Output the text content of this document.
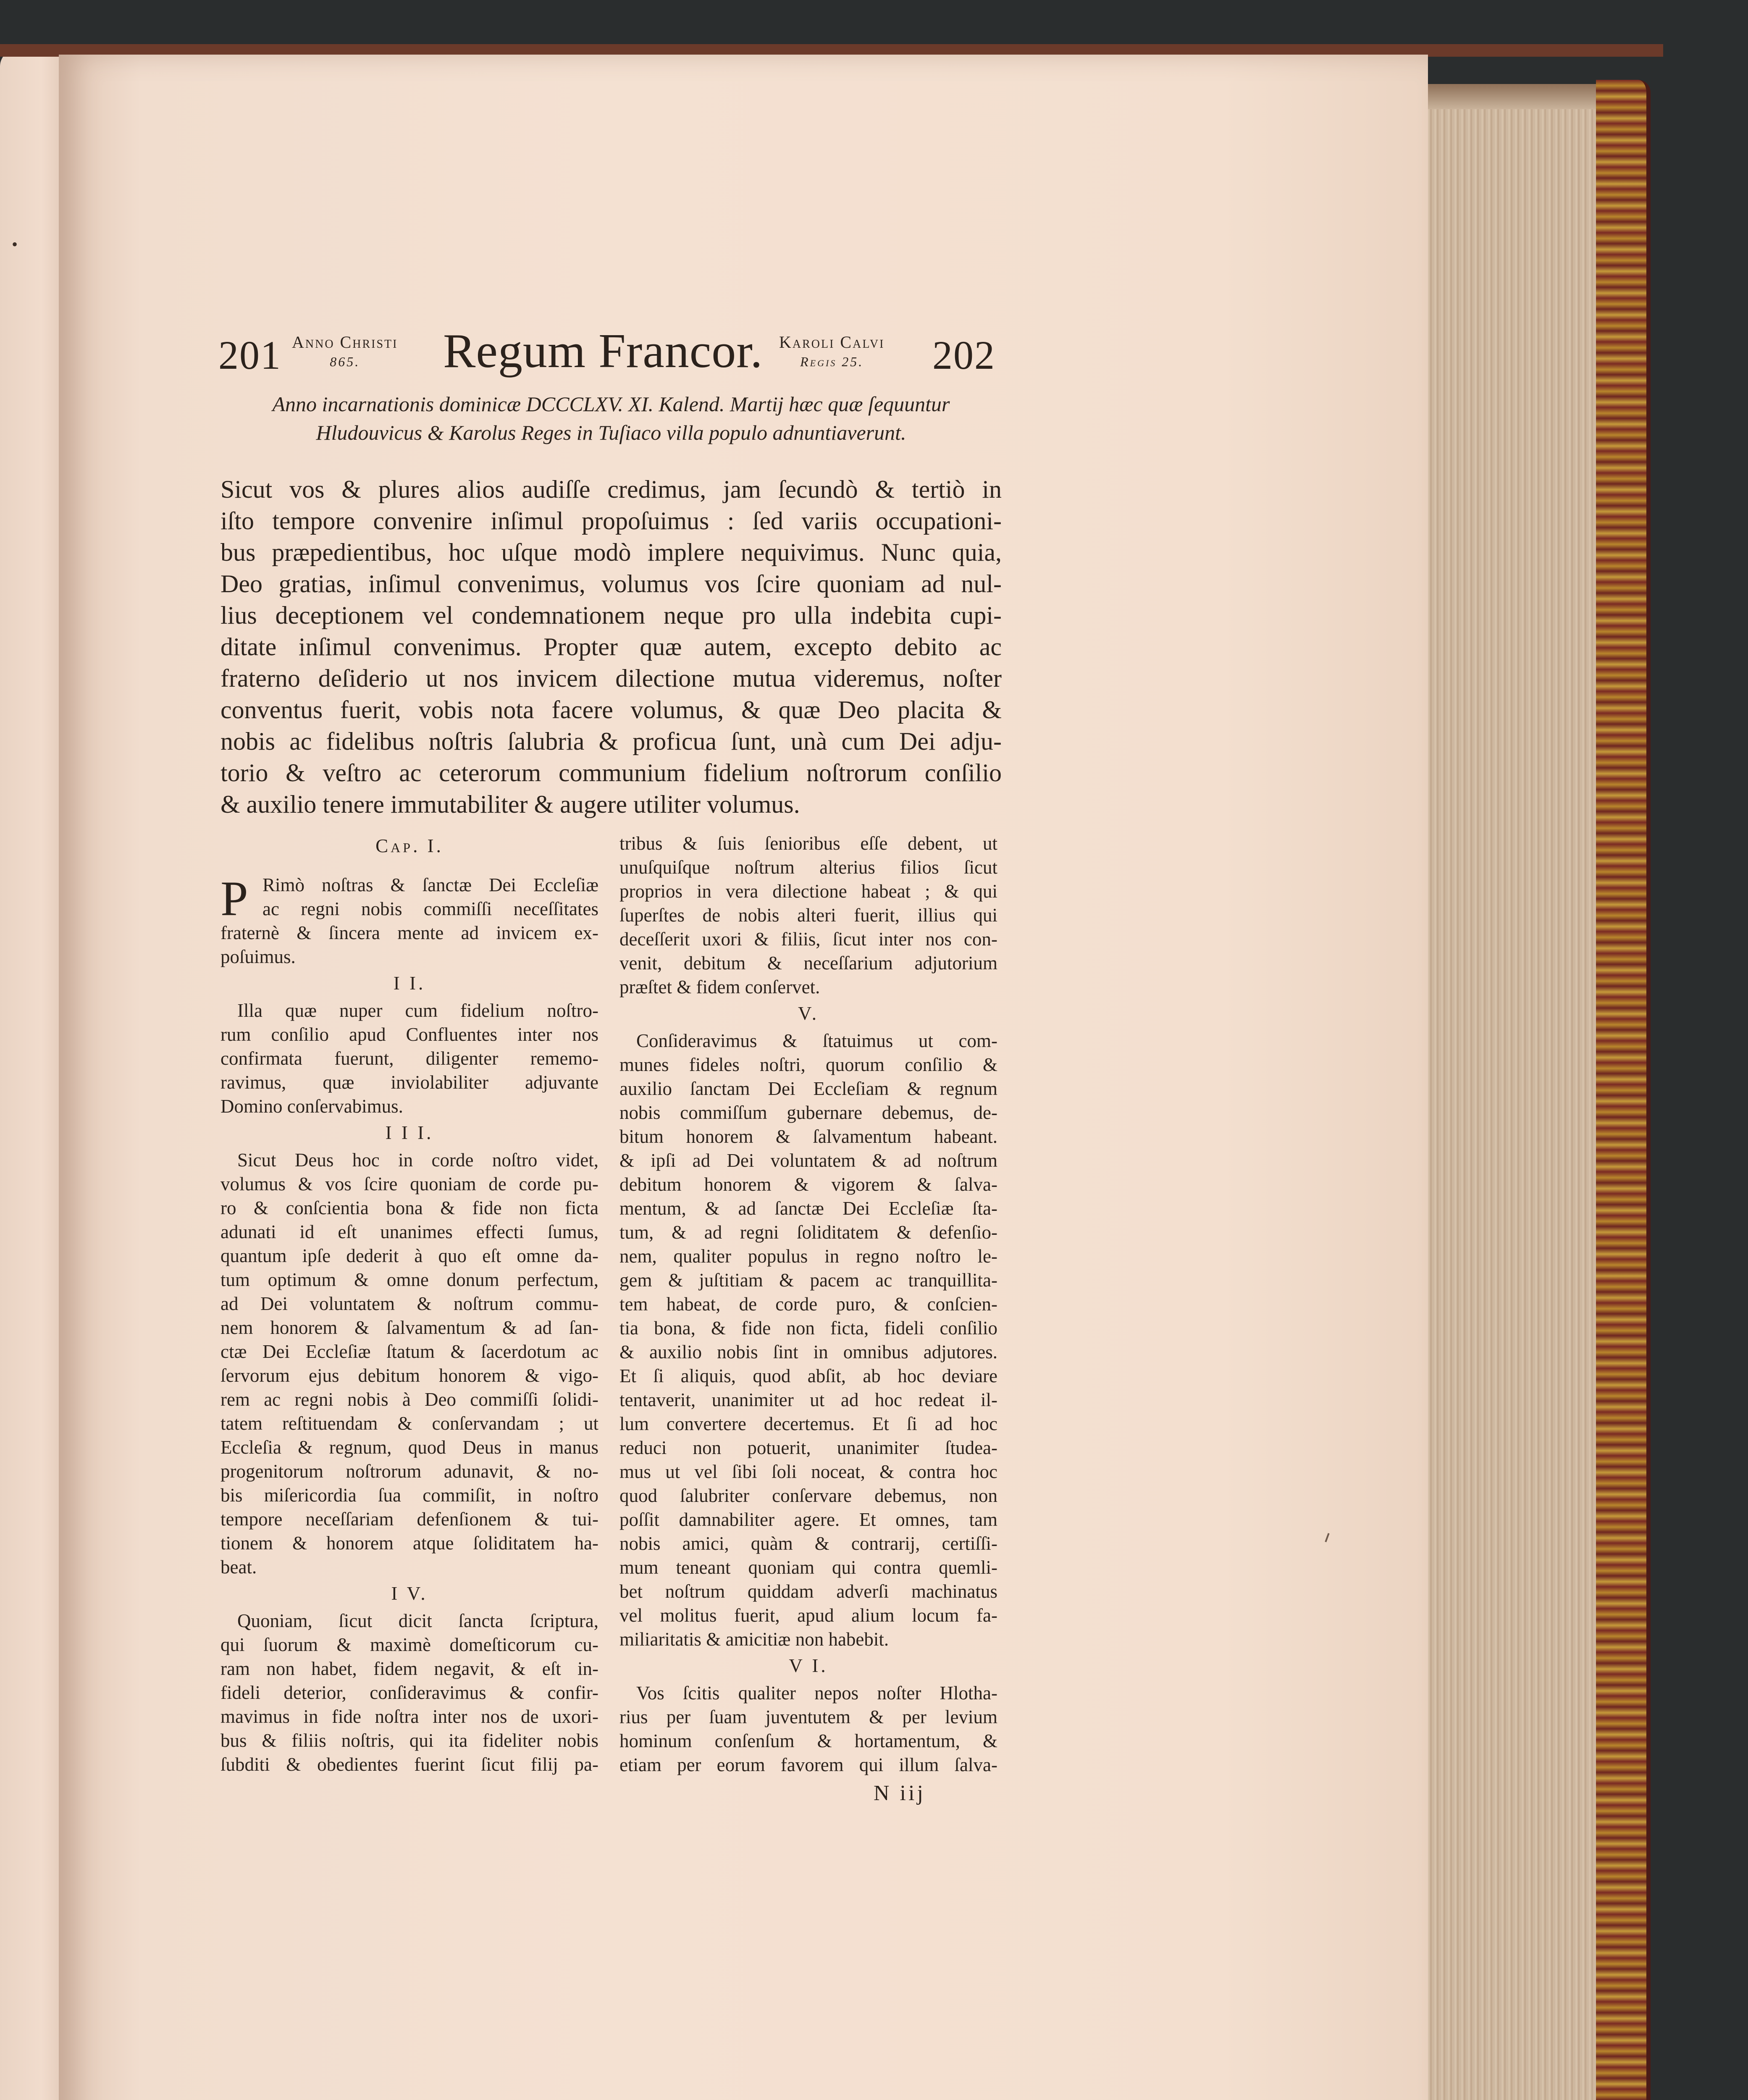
•
201 Anno Christi
865.	Regum Francor. Karoli Calvi
Regis 25.	202
Anno incarnationis dominicæ DCCCLXV. XI. Kalend. Martij hæc quæ ſequuntur
Hludouvicus & Karolus Reges in Tuſiaco villa populo adnuntiaverunt.
Sicut vos & plures alios audiſſe credimus, jam ſecundò & tertiò in
iſto tempore convenire inſimul propoſuimus : ſed variis occupationi-
bus præpedientibus, hoc uſque modò implere nequivimus. Nunc quia,
Deo gratias, inſimul convenimus, volumus vos ſcire quoniam ad nul-
lius deceptionem vel condemnationem neque pro ulla indebita cupi-
ditate inſimul convenimus. Propter quæ autem, excepto debito ac
fraterno deſiderio ut nos invicem dilectione mutua videremus, noſter
conventus fuerit, vobis nota facere volumus, & quæ Deo placita &
nobis ac fidelibus noſtris ſalubria & proficua ſunt, unà cum Dei adju-
torio & veſtro ac ceterorum communium fidelium noſtrorum conſilio
& auxilio tenere immutabiliter & augere utiliter volumus.
Cap. I.
P Rimò noſtras & ſanctæ Dei Eccleſiæ
ac regni nobis commiſſi neceſſitates
fraternè & ſincera mente ad invicem ex-
poſuimus.
I I.
Illa quæ nuper cum fidelium noſtro-
rum conſilio apud Confluentes inter nos
confirmata fuerunt, diligenter rememo-
ravimus, quæ inviolabiliter adjuvante
Domino conſervabimus.
I I I.
Sicut Deus hoc in corde noſtro videt,
volumus & vos ſcire quoniam de corde pu-
ro & conſcientia bona & fide non ficta
adunati id eſt unanimes effecti ſumus,
quantum ipſe dederit à quo eſt omne da-
tum optimum & omne donum perfectum,
ad Dei voluntatem & noſtrum commu-
nem honorem & ſalvamentum & ad ſan-
ctæ Dei Eccleſiæ ſtatum & ſacerdotum ac
ſervorum ejus debitum honorem & vigo-
rem ac regni nobis à Deo commiſſi ſolidi-
tatem reſtituendam & conſervandam ; ut
Eccleſia & regnum, quod Deus in manus
progenitorum noſtrorum adunavit, & no-
bis miſericordia ſua commiſit, in noſtro
tempore neceſſariam defenſionem & tui-
tionem & honorem atque ſoliditatem ha-
beat.
I V.
Quoniam, ſicut dicit ſancta ſcriptura,
qui ſuorum & maximè domeſticorum cu-
ram non habet, fidem negavit, & eſt in-
fideli deterior, conſideravimus & confir-
mavimus in fide noſtra inter nos de uxori-
bus & filiis noſtris, qui ita fideliter nobis
ſubditi & obedientes fuerint ſicut filij pa-
tribus & ſuis ſenioribus eſſe debent, ut
unuſquiſque noſtrum alterius filios ſicut
proprios in vera dilectione habeat ; & qui
ſuperſtes de nobis alteri fuerit, illius qui
deceſſerit uxori & filiis, ſicut inter nos con-
venit, debitum & neceſſarium adjutorium
præſtet & fidem conſervet.
V.
Conſideravimus & ſtatuimus ut com-
munes fideles noſtri, quorum conſilio &
auxilio ſanctam Dei Eccleſiam & regnum
nobis commiſſum gubernare debemus, de-
bitum honorem & ſalvamentum habeant.
& ipſi ad Dei voluntatem & ad noſtrum
debitum honorem & vigorem & ſalva-
mentum, & ad ſanctæ Dei Eccleſiæ ſta-
tum, & ad regni ſoliditatem & defenſio-
nem, qualiter populus in regno noſtro le-
gem & juſtitiam & pacem ac tranquillita-
tem habeat, de corde puro, & conſcien-
tia bona, & fide non ficta, fideli conſilio
& auxilio nobis ſint in omnibus adjutores.
Et ſi aliquis, quod abſit, ab hoc deviare
tentaverit, unanimiter ut ad hoc redeat il-
lum convertere decertemus. Et ſi ad hoc
reduci non potuerit, unanimiter ſtudea-
mus ut vel ſibi ſoli noceat, & contra hoc
quod ſalubriter conſervare debemus, non
poſſit damnabiliter agere. Et omnes, tam
nobis amici, quàm & contrarij, certiſſi-
mum teneant quoniam qui contra quemli-
bet noſtrum quiddam adverſi machinatus
vel molitus fuerit, apud alium locum fa-
miliaritatis & amicitiæ non habebit.
V I.
Vos ſcitis qualiter nepos noſter Hlotha-
rius per ſuam juventutem & per levium
hominum conſenſum & hortamentum, &
etiam per eorum favorem qui illum ſalva-
N iij
